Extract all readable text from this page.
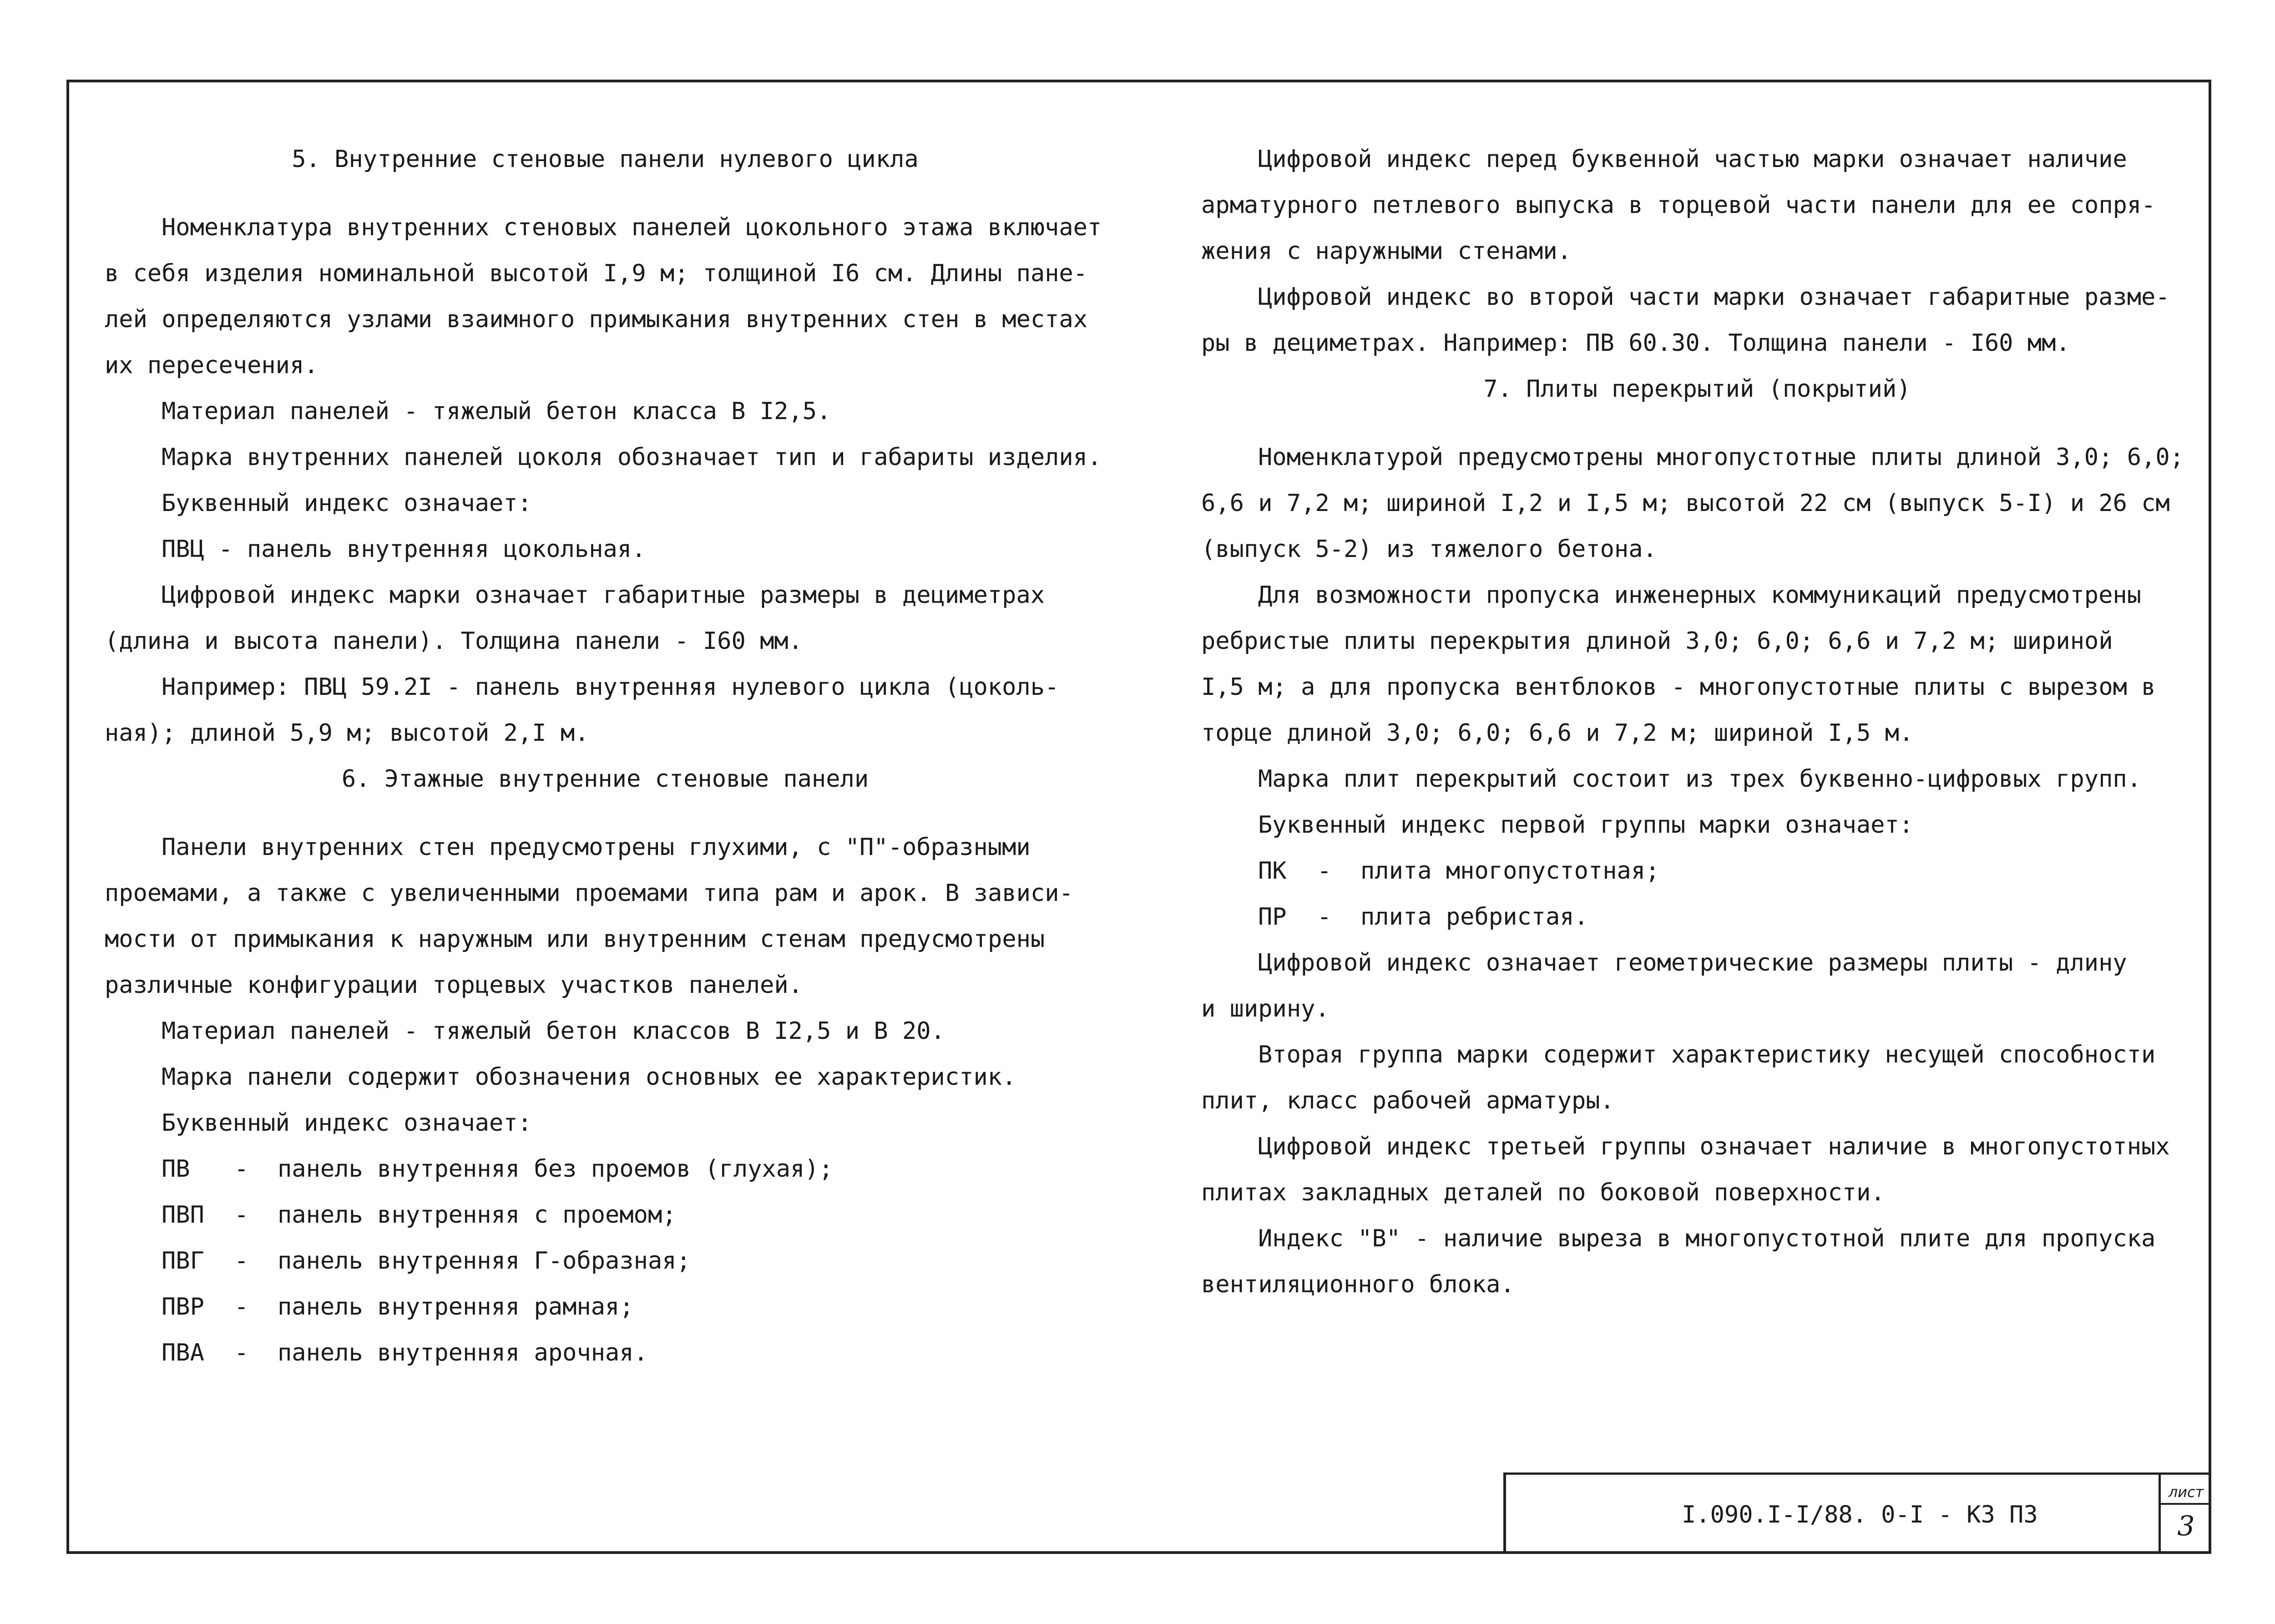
5. Внутренние стеновые панели нулевого цикла

Номенклатура внутренних стеновых панелей цокольного этажа включает

в себя изделия номинальной высотой I,9 м; толщиной I6 см. Длины пане-

лей определяются узлами взаимного примыкания внутренних стен в местах

их пересечения.

Материал панелей - тяжелый бетон класса В I2,5.

Марка внутренних панелей цоколя обозначает тип и габариты изделия.

Буквенный индекс означает:

ПВЦ - панель внутренняя цокольная.

Цифровой индекс марки означает габаритные размеры в дециметрах

(длина и высота панели). Толщина панели - I60 мм.

Например: ПВЦ 59.2I - панель внутренняя нулевого цикла (цоколь-

ная); длиной 5,9 м; высотой 2,I м.

6. Этажные внутренние стеновые панели

Панели внутренних стен предусмотрены глухими, с "П"-образными

проемами, а также с увеличенными проемами типа рам и арок. В зависи-

мости от примыкания к наружным или внутренним стенам предусмотрены

различные конфигурации торцевых участков панелей.

Материал панелей - тяжелый бетон классов В I2,5 и В 20.

Марка панели содержит обозначения основных ее характеристик.

Буквенный индекс означает:

ПВ	-	панель внутренняя без проемов (глухая);
ПВП	-	панель внутренняя с проемом;
ПВГ	-	панель внутренняя Г-образная;
ПВР	-	панель внутренняя рамная;
ПВА	-	панель внутренняя арочная.

Цифровой индекс перед буквенной частью марки означает наличие

арматурного петлевого выпуска в торцевой части панели для ее сопря-

жения с наружными стенами.

Цифровой индекс во второй части марки означает габаритные разме-

ры в дециметрах. Например: ПВ 60.30. Толщина панели - I60 мм.

7. Плиты перекрытий (покрытий)

Номенклатурой предусмотрены многопустотные плиты длиной 3,0; 6,0;

6,6 и 7,2 м; шириной I,2 и I,5 м; высотой 22 см (выпуск 5-I) и 26 см

(выпуск 5-2) из тяжелого бетона.

Для возможности пропуска инженерных коммуникаций предусмотрены

ребристые плиты перекрытия длиной 3,0; 6,0; 6,6 и 7,2 м; шириной

I,5 м; а для пропуска вентблоков - многопустотные плиты с вырезом в

торце длиной 3,0; 6,0; 6,6 и 7,2 м; шириной I,5 м.

Марка плит перекрытий состоит из трех буквенно-цифровых групп.

Буквенный индекс первой группы марки означает:

ПК	-	плита многопустотная;
ПР	-	плита ребристая.

Цифровой индекс означает геометрические размеры плиты - длину

и ширину.

Вторая группа марки содержит характеристику несущей способности

плит, класс рабочей арматуры.

Цифровой индекс третьей группы означает наличие в многопустотных

плитах закладных деталей по боковой поверхности.

Индекс "В" - наличие выреза в многопустотной плите для пропуска

вентиляционного блока.

I.090.I-I/88. 0-I - КЗ ПЗ
лист
3
